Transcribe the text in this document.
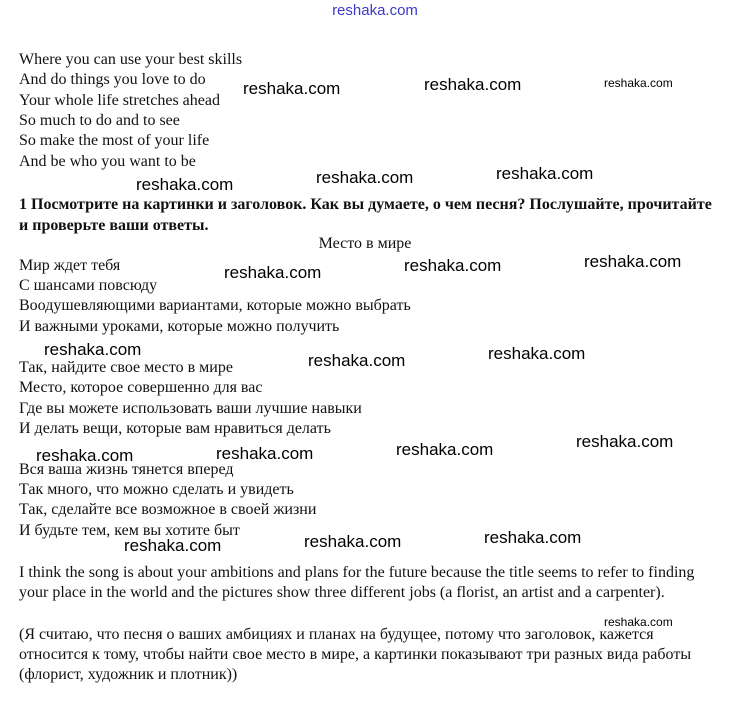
reshaka.com
Where you can use your best skills
And do things you love to do
Your whole life stretches ahead
So much to do and to see
So make the most of your life
And be who you want to be
1 Посмотрите на картинки и заголовок. Как вы думаете, о чем песня? Послушайте, прочитайте и проверьте ваши ответы.
Место в мире
Мир ждет тебя
С шансами повсюду
Воодушевляющими вариантами, которые можно выбрать
И важными уроками, которые можно получить
Так, найдите свое место в мире
Место, которое совершенно для вас
Где вы можете использовать ваши лучшие навыки
И делать вещи, которые вам нравиться делать
Вся ваша жизнь тянется вперед
Так много, что можно сделать и увидеть
Так, сделайте все возможное в своей жизни
И будьте тем, кем вы хотите быт
I think the song is about your ambitions and plans for the future because the title seems to refer to finding your place in the world and the pictures show three different jobs (a florist, an artist and a carpenter).
(Я считаю, что песня о ваших амбициях и планах на будущее, потому что заголовок, кажется относится к тому, чтобы найти свое место в мире, а картинки показывают три разных вида работы (флорист, художник и плотник))
reshaka.com	reshaka.com	reshaka.com
reshaka.com	reshaka.com	reshaka.com
reshaka.com	reshaka.com	reshaka.com
reshaka.com
reshaka.com	reshaka.com
reshaka.com	reshaka.com	reshaka.com	reshaka.com
reshaka.com	reshaka.com	reshaka.com
reshaka.com
